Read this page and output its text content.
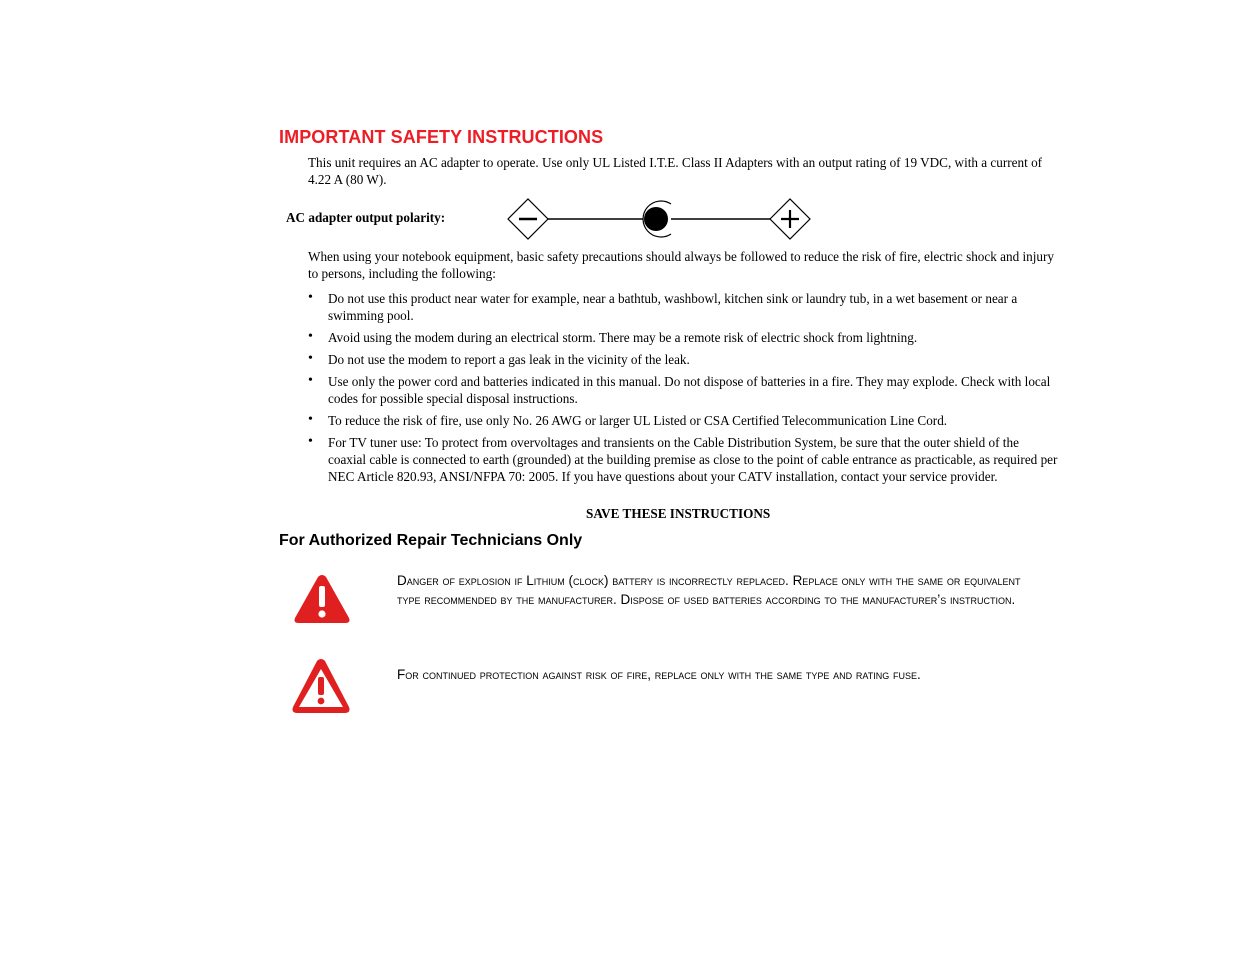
IMPORTANT SAFETY INSTRUCTIONS

This unit requires an AC adapter to operate. Use only UL Listed I.T.E. Class II Adapters with an output rating of 19 VDC, with a current of 4.22 A (80 W).

AC adapter output polarity:

When using your notebook equipment, basic safety precautions should always be followed to reduce the risk of fire, electric shock and injury to persons, including the following:

• Do not use this product near water for example, near a bathtub, washbowl, kitchen sink or laundry tub, in a wet basement or near a swimming pool.
• Avoid using the modem during an electrical storm. There may be a remote risk of electric shock from lightning.
• Do not use the modem to report a gas leak in the vicinity of the leak.
• Use only the power cord and batteries indicated in this manual. Do not dispose of batteries in a fire. They may explode. Check with local codes for possible special disposal instructions.
• To reduce the risk of fire, use only No. 26 AWG or larger UL Listed or CSA Certified Telecommunication Line Cord.
• For TV tuner use: To protect from overvoltages and transients on the Cable Distribution System, be sure that the outer shield of the coaxial cable is connected to earth (grounded) at the building premise as close to the point of cable entrance as practicable, as required per NEC Article 820.93, ANSI/NFPA 70: 2005. If you have questions about your CATV installation, contact your service provider.
SAVE THESE INSTRUCTIONS
For Authorized Repair Technicians Only

Danger of explosion if Lithium (clock) battery is incorrectly replaced. Replace only with the same or equivalent type recommended by the manufacturer. Dispose of used batteries according to the manufacturer’s instruction.

For continued protection against risk of fire, replace only with the same type and rating fuse.
